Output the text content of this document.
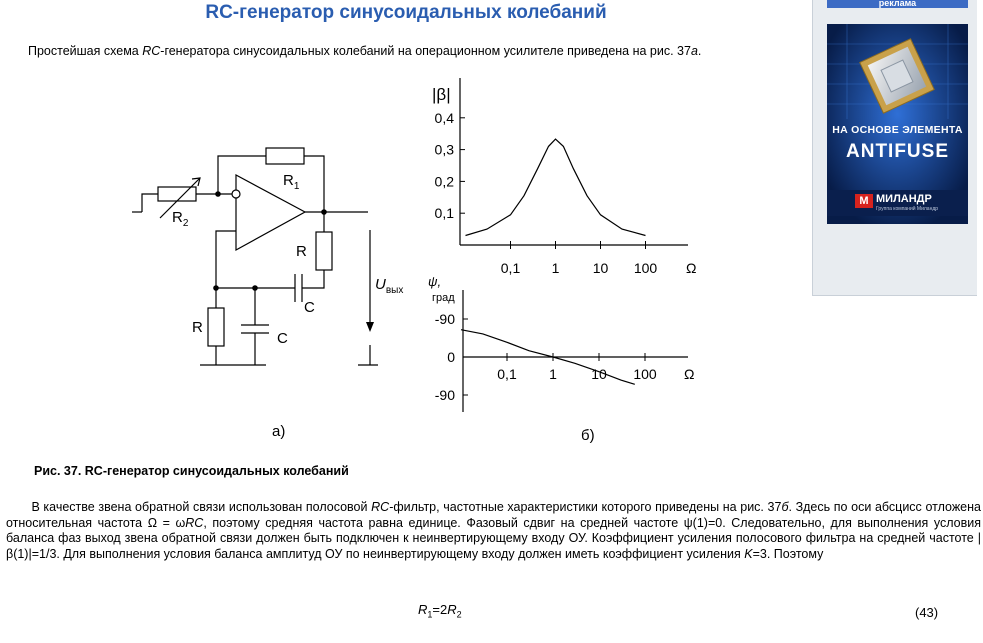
RC-генератор синусоидальных колебаний
Простейшая схема RC-генератора синусоидальных колебаний на операционном усилителе приведена на рис. 37а.
$R_1$
$R_2$
R
C
R
C
$U_{вых}$
а)
0,1
0,2
0,3
0,4
0,1 1 10 100 Ω
|β|
-90
0
-90
0,1 1 10 100 Ω
ψ,
град
б)
Рис. 37. RC-генератор синусоидальных колебаний
В качестве звена обратной связи использован полосовой RC-фильтр, частотные характеристики которого приведены на рис. 37б. Здесь по оси абсцисс отложена относительная частота Ω = ωRC, поэтому средняя частота равна единице. Фазовый сдвиг на средней частоте ψ(1)=0. Следовательно, для выполнения условия баланса фаз выход звена обратной связи должен быть подключен к неинвертирующему входу ОУ. Коэффициент усиления полосового фильтра на средней частоте |β(1)|=1/3. Для выполнения условия баланса амплитуд ОУ по неинвертирующему входу должен иметь коэффициент усиления K=3. Поэтому
$R_1=2R_2$	(43)
реклама
НА ОСНОВЕ ЭЛЕМЕНТА
ANTIFUSE
М МИЛАНДР
Группа компаний Миландр
